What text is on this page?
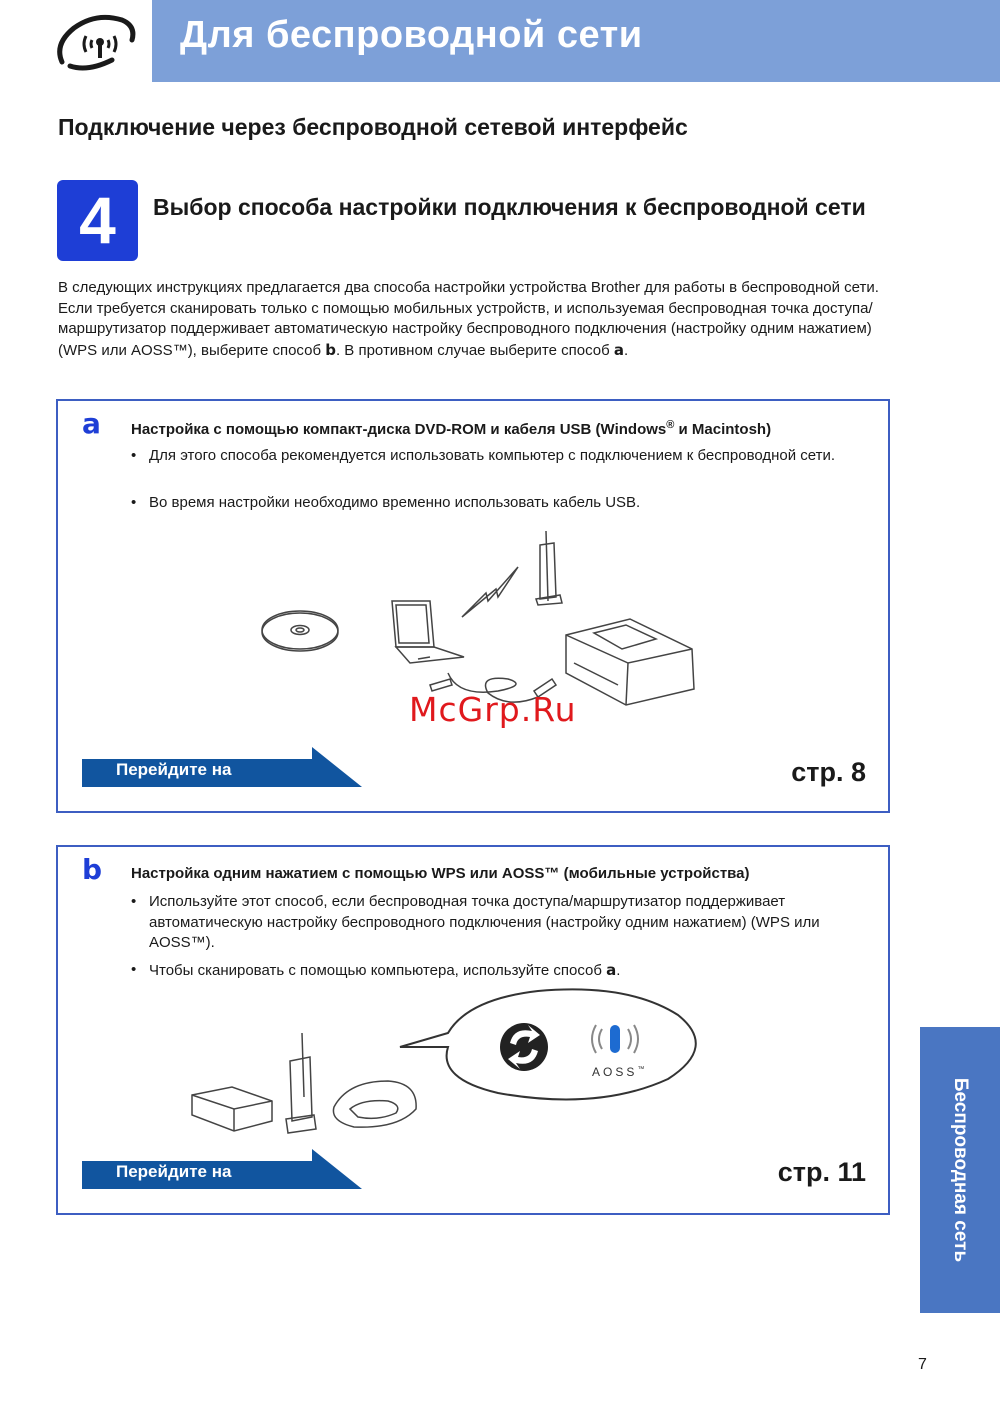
Для беспроводной сети
Подключение через беспроводной сетевой интерфейс
4	Выбор способа настройки подключения к беспроводной сети
В следующих инструкциях предлагается два способа настройки устройства Brother для работы в беспроводной сети. Если требуется сканировать только с помощью мобильных устройств, и используемая беспроводная точка доступа/маршрутизатор поддерживает автоматическую настройку беспроводного подключения (настройку одним нажатием) (WPS или AOSS™), выберите способ b. В противном случае выберите способ a.
a Настройка с помощью компакт-диска DVD-ROM и кабеля USB (Windows® и Macintosh)
• Для этого способа рекомендуется использовать компьютер с подключением к беспроводной сети.
• Во время настройки необходимо временно использовать кабель USB.
McGrp.Ru
Перейдите на	стр. 8
b Настройка одним нажатием с помощью WPS или AOSS™ (мобильные устройства)
• Используйте этот способ, если беспроводная точка доступа/маршрутизатор поддерживает автоматическую настройку беспроводного подключения (настройку одним нажатием) (WPS или AOSS™).
• Чтобы сканировать с помощью компьютера, используйте способ a.
AOSS™
Перейдите на	стр. 11	Беспроводная сеть
7
